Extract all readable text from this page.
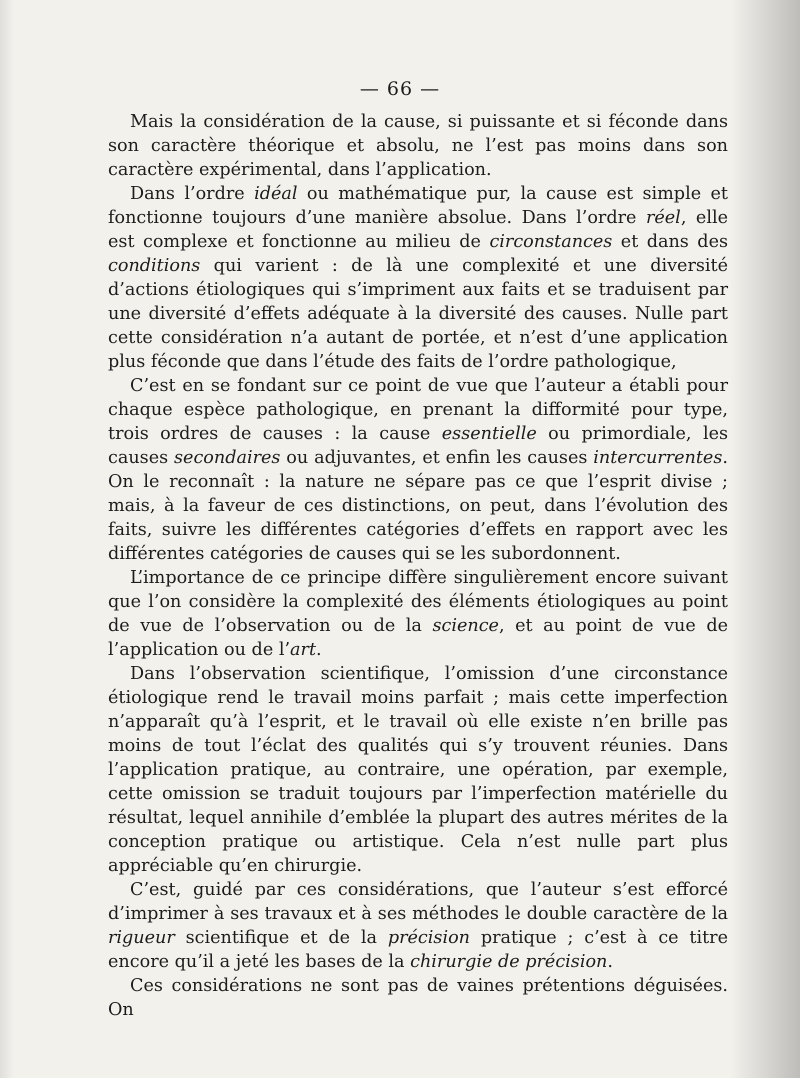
— 66 —

Mais la considération de la cause, si puissante et si féconde dans son caractère théorique et absolu, ne l’est pas moins dans son caractère expérimental, dans l’application.

Dans l’ordre idéal ou mathématique pur, la cause est simple et fonctionne toujours d’une manière absolue. Dans l’ordre réel, elle est complexe et fonctionne au milieu de circonstances et dans des conditions qui varient : de là une complexité et une diversité d’actions étiologiques qui s’impriment aux faits et se traduisent par une diversité d’effets adéquate à la diversité des causes. Nulle part cette considération n’a autant de portée, et n’est d’une application plus féconde que dans l’étude des faits de l’ordre pathologique,

C’est en se fondant sur ce point de vue que l’auteur a établi pour chaque espèce pathologique, en prenant la difformité pour type, trois ordres de causes : la cause essentielle ou primordiale, les causes secondaires ou adjuvantes, et enfin les causes intercurrentes. On le reconnaît : la nature ne sépare pas ce que l’esprit divise ; mais, à la faveur de ces distinctions, on peut, dans l’évolution des faits, suivre les différentes catégories d’effets en rapport avec les différentes catégories de causes qui se les subordonnent.

L’importance de ce principe diffère singulièrement encore suivant que l’on considère la complexité des éléments étiologiques au point de vue de l’observation ou de la science, et au point de vue de l’application ou de l’art.

Dans l’observation scientifique, l’omission d’une circonstance étiologique rend le travail moins parfait ; mais cette imperfection n’apparaît qu’à l’esprit, et le travail où elle existe n’en brille pas moins de tout l’éclat des qualités qui s’y trouvent réunies. Dans l’application pratique, au contraire, une opération, par exemple, cette omission se traduit toujours par l’imperfection matérielle du résultat, lequel annihile d’emblée la plupart des autres mérites de la conception pratique ou artistique. Cela n’est nulle part plus appréciable qu’en chirurgie.

C’est, guidé par ces considérations, que l’auteur s’est efforcé d’imprimer à ses travaux et à ses méthodes le double caractère de la rigueur scientifique et de la précision pratique ; c’est à ce titre encore qu’il a jeté les bases de la chirurgie de précision.

Ces considérations ne sont pas de vaines prétentions déguisées. On
